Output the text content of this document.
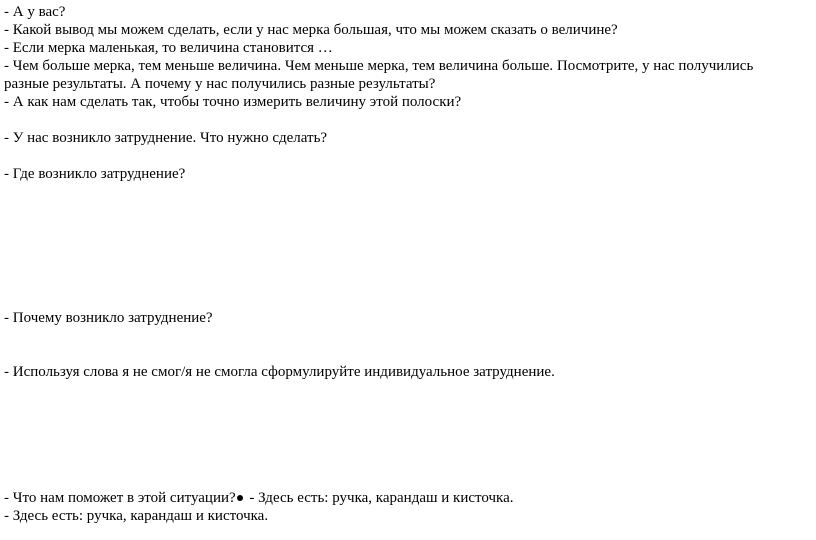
- А у вас?
- Какой вывод мы можем сделать, если у нас мерка большая, что мы можем сказать о величине?
- Если мерка маленькая, то величина становится …
- Чем больше мерка, тем меньше величина. Чем меньше мерка, тем величина больше. Посмотрите, у нас получились
разные результаты. А почему у нас получились разные результаты?
- А как нам сделать так, чтобы точно измерить величину этой полоски?
- У нас возникло затруднение. Что нужно сделать?
- Где возникло затруднение?
- Почему возникло затруднение?
- Используя слова я не смог/я не смогла сформулируйте индивидуальное затруднение.
- Что нам поможет в этой ситуации? - Здесь есть: ручка, карандаш и кисточка.
- Здесь есть: ручка, карандаш и кисточка.
